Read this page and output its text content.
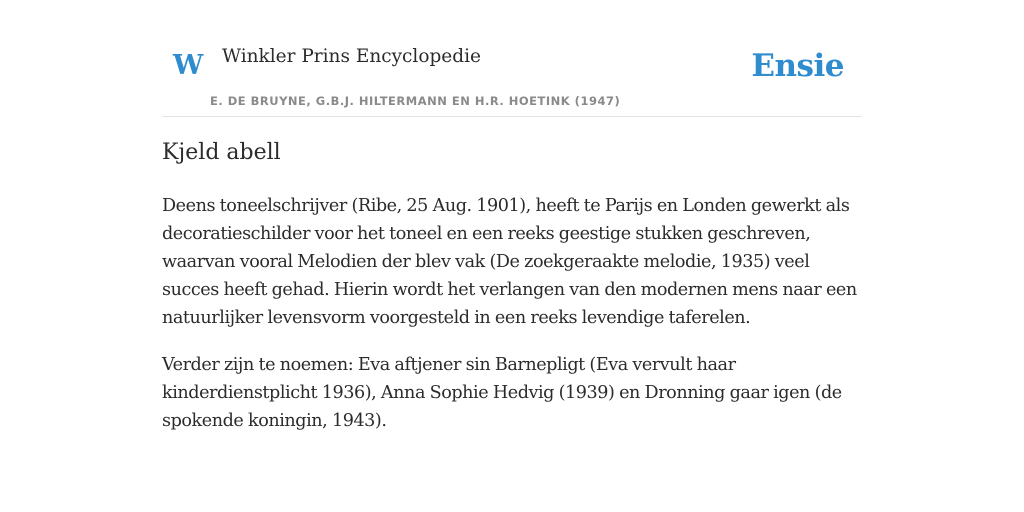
W Winkler Prins Encyclopedie
E. DE BRUYNE, G.B.J. HILTERMANN EN H.R. HOETINK (1947)
Ensie
Kjeld abell

Deens toneelschrijver (Ribe, 25 Aug. 1901), heeft te Parijs en Londen gewerkt als decoratieschilder voor het toneel en een reeks geestige stukken geschreven, waarvan vooral Melodien der blev vak (De zoekgeraakte melodie, 1935) veel succes heeft gehad. Hierin wordt het verlangen van den modernen mens naar een natuurlijker levensvorm voorgesteld in een reeks levendige taferelen.

Verder zijn te noemen: Eva aftjener sin Barnepligt (Eva vervult haar kinderdienstplicht 1936), Anna Sophie Hedvig (1939) en Dronning gaar igen (de spokende koningin, 1943).
